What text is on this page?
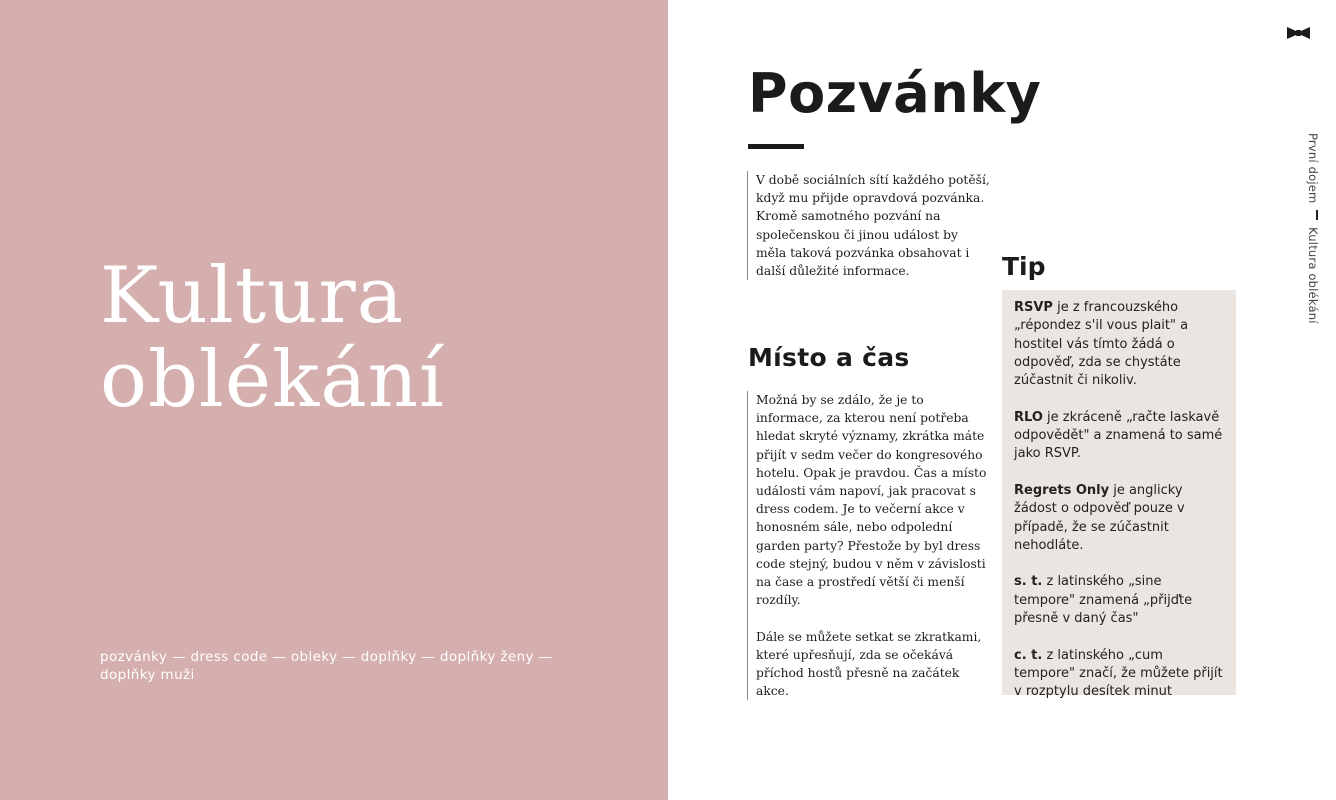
Kultura
oblékání
pozvánky — dress code — obleky — doplňky — doplňky ženy — doplňky muži
První dojem  Kultura oblékání
Pozvánky

V době sociálních sítí každého potěší, když mu přijde opravdová pozvánka. Kromě samotného pozvání na společenskou či jinou událost by měla taková pozvánka obsahovat i další důležité informace.

Místo a čas

Možná by se zdálo, že je to informace, za kterou není potřeba hledat skryté významy, zkrátka máte přijít v sedm večer do kongresového hotelu. Opak je pravdou. Čas a místo události vám napoví, jak pracovat s dress codem. Je to večerní akce v honosném sále, nebo odpolední garden party? Přestože by byl dress code stejný, budou v něm v závislosti na čase a prostředí větší či menší rozdíly.

Dále se můžete setkat se zkratkami, které upřesňují, zda se očekává příchod hostů přesně na začátek akce.

Tip

RSVP je z francouzského „répondez s'il vous plait" a hostitel vás tímto žádá o odpověď, zda se chystáte zúčastnit či nikoliv.

RLO je zkráceně „račte laskavě odpovědět" a znamená to samé jako RSVP.

Regrets Only je anglicky žádost o odpověď pouze v případě, že se zúčastnit nehodláte.

s. t. z latinského „sine tempore" znamená „přijďte přesně v daný čas"

c. t. z latinského „cum tempore" značí, že můžete přijít v rozptylu desítek minut
